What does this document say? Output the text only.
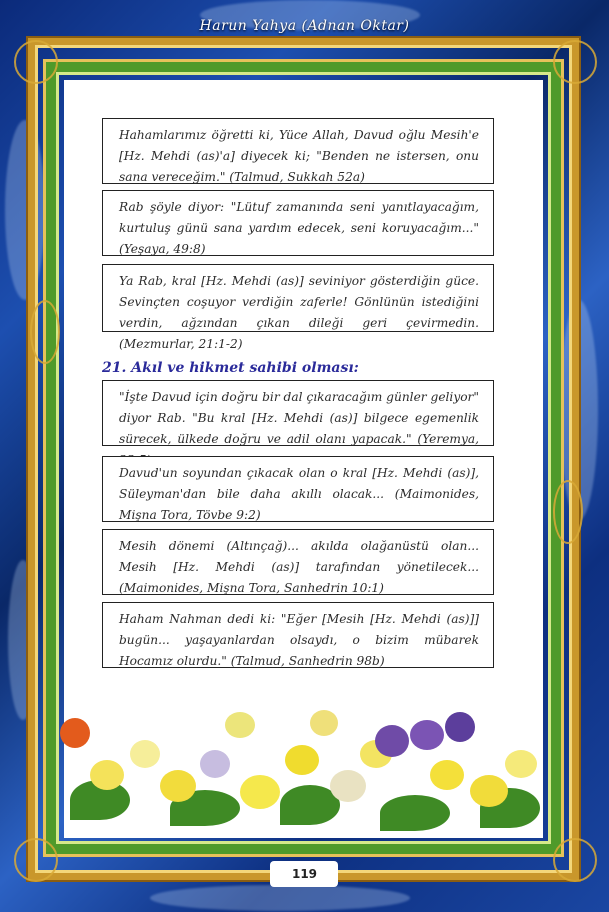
Harun Yahya (Adnan Oktar)
Hahamlarımız öğretti ki, Yüce Allah, Davud oğlu Mesih'e [Hz. Mehdi (as)'a] diyecek ki; "Benden ne istersen, onu sana vereceğim." (Talmud, Sukkah 52a)
Rab şöyle diyor: "Lütuf zamanında seni yanıtlayacağım, kurtuluş günü sana yardım edecek, seni koruyacağım..." (Yeşaya, 49:8)
Ya Rab, kral [Hz. Mehdi (as)] seviniyor gösterdiğin güce. Sevinçten coşuyor verdiğin zaferle! Gönlünün istediğini verdin, ağzından çıkan dileği geri çevirmedin. (Mezmurlar, 21:1-2)
21. Akıl ve hikmet sahibi olması:
"İşte Davud için doğru bir dal çıkaracağım günler geliyor" diyor Rab. "Bu kral [Hz. Mehdi (as)] bilgece egemenlik sürecek, ülkede doğru ve adil olanı yapacak." (Yeremya,
Davud'un soyundan çıkacak olan o kral [Hz. Mehdi (as)], Süleyman'dan bile daha akıllı olacak... (Maimonides, Mişna Tora, Tövbe 9:2)
Mesih dönemi (Altınçağ)... akılda olağanüstü olan... Mesih [Hz. Mehdi (as)] tarafından yönetilecek... (Maimonides, Mişna Tora, Sanhedrin 10:1)
Haham Nahman dedi ki: "Eğer [Mesih [Hz. Mehdi (as)]] bugün... yaşayanlardan olsaydı, o bizim mübarek Hocamız olurdu." (Talmud, Sanhedrin 98b)
119
